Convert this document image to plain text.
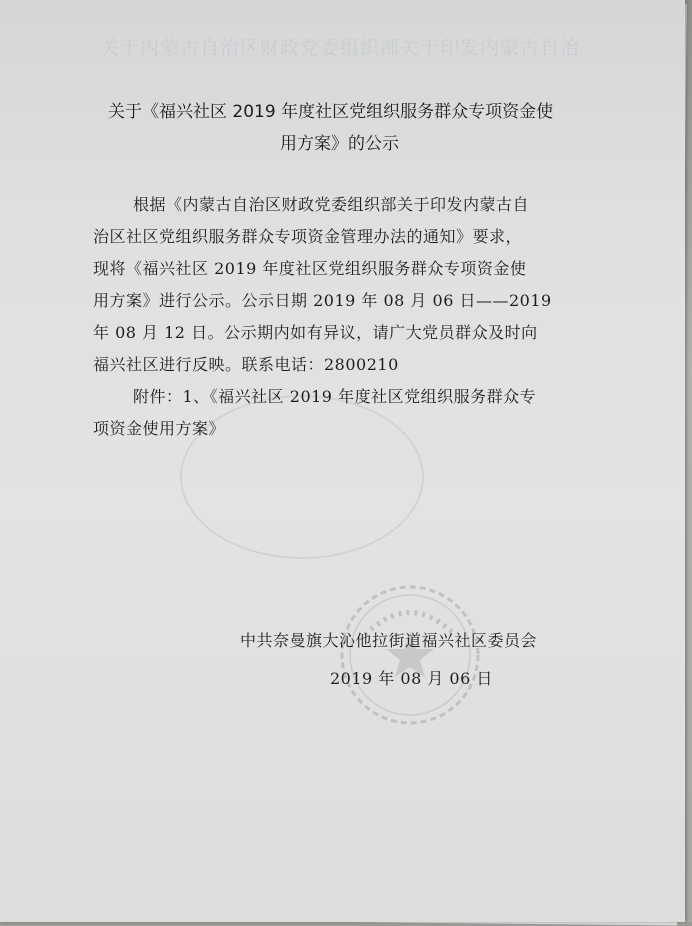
关于内蒙古自治区财政党委组织部关于印发内蒙古自治
关于《福兴社区 2019 年度社区党组织服务群众专项资金使
用方案》的公示
根据《内蒙古自治区财政党委组织部关于印发内蒙古自
治区社区党组织服务群众专项资金管理办法的通知》要求，
现将《福兴社区 2019 年度社区党组织服务群众专项资金使
用方案》进行公示。公示日期 2019 年 08 月 06 日——2019
年 08 月 12 日。公示期内如有异议，请广大党员群众及时向
福兴社区进行反映。联系电话：2800210
附件：1、《福兴社区 2019 年度社区党组织服务群众专
项资金使用方案》
中共奈曼旗大沁他拉街道福兴社区委员会
2019 年 08 月 06 日
